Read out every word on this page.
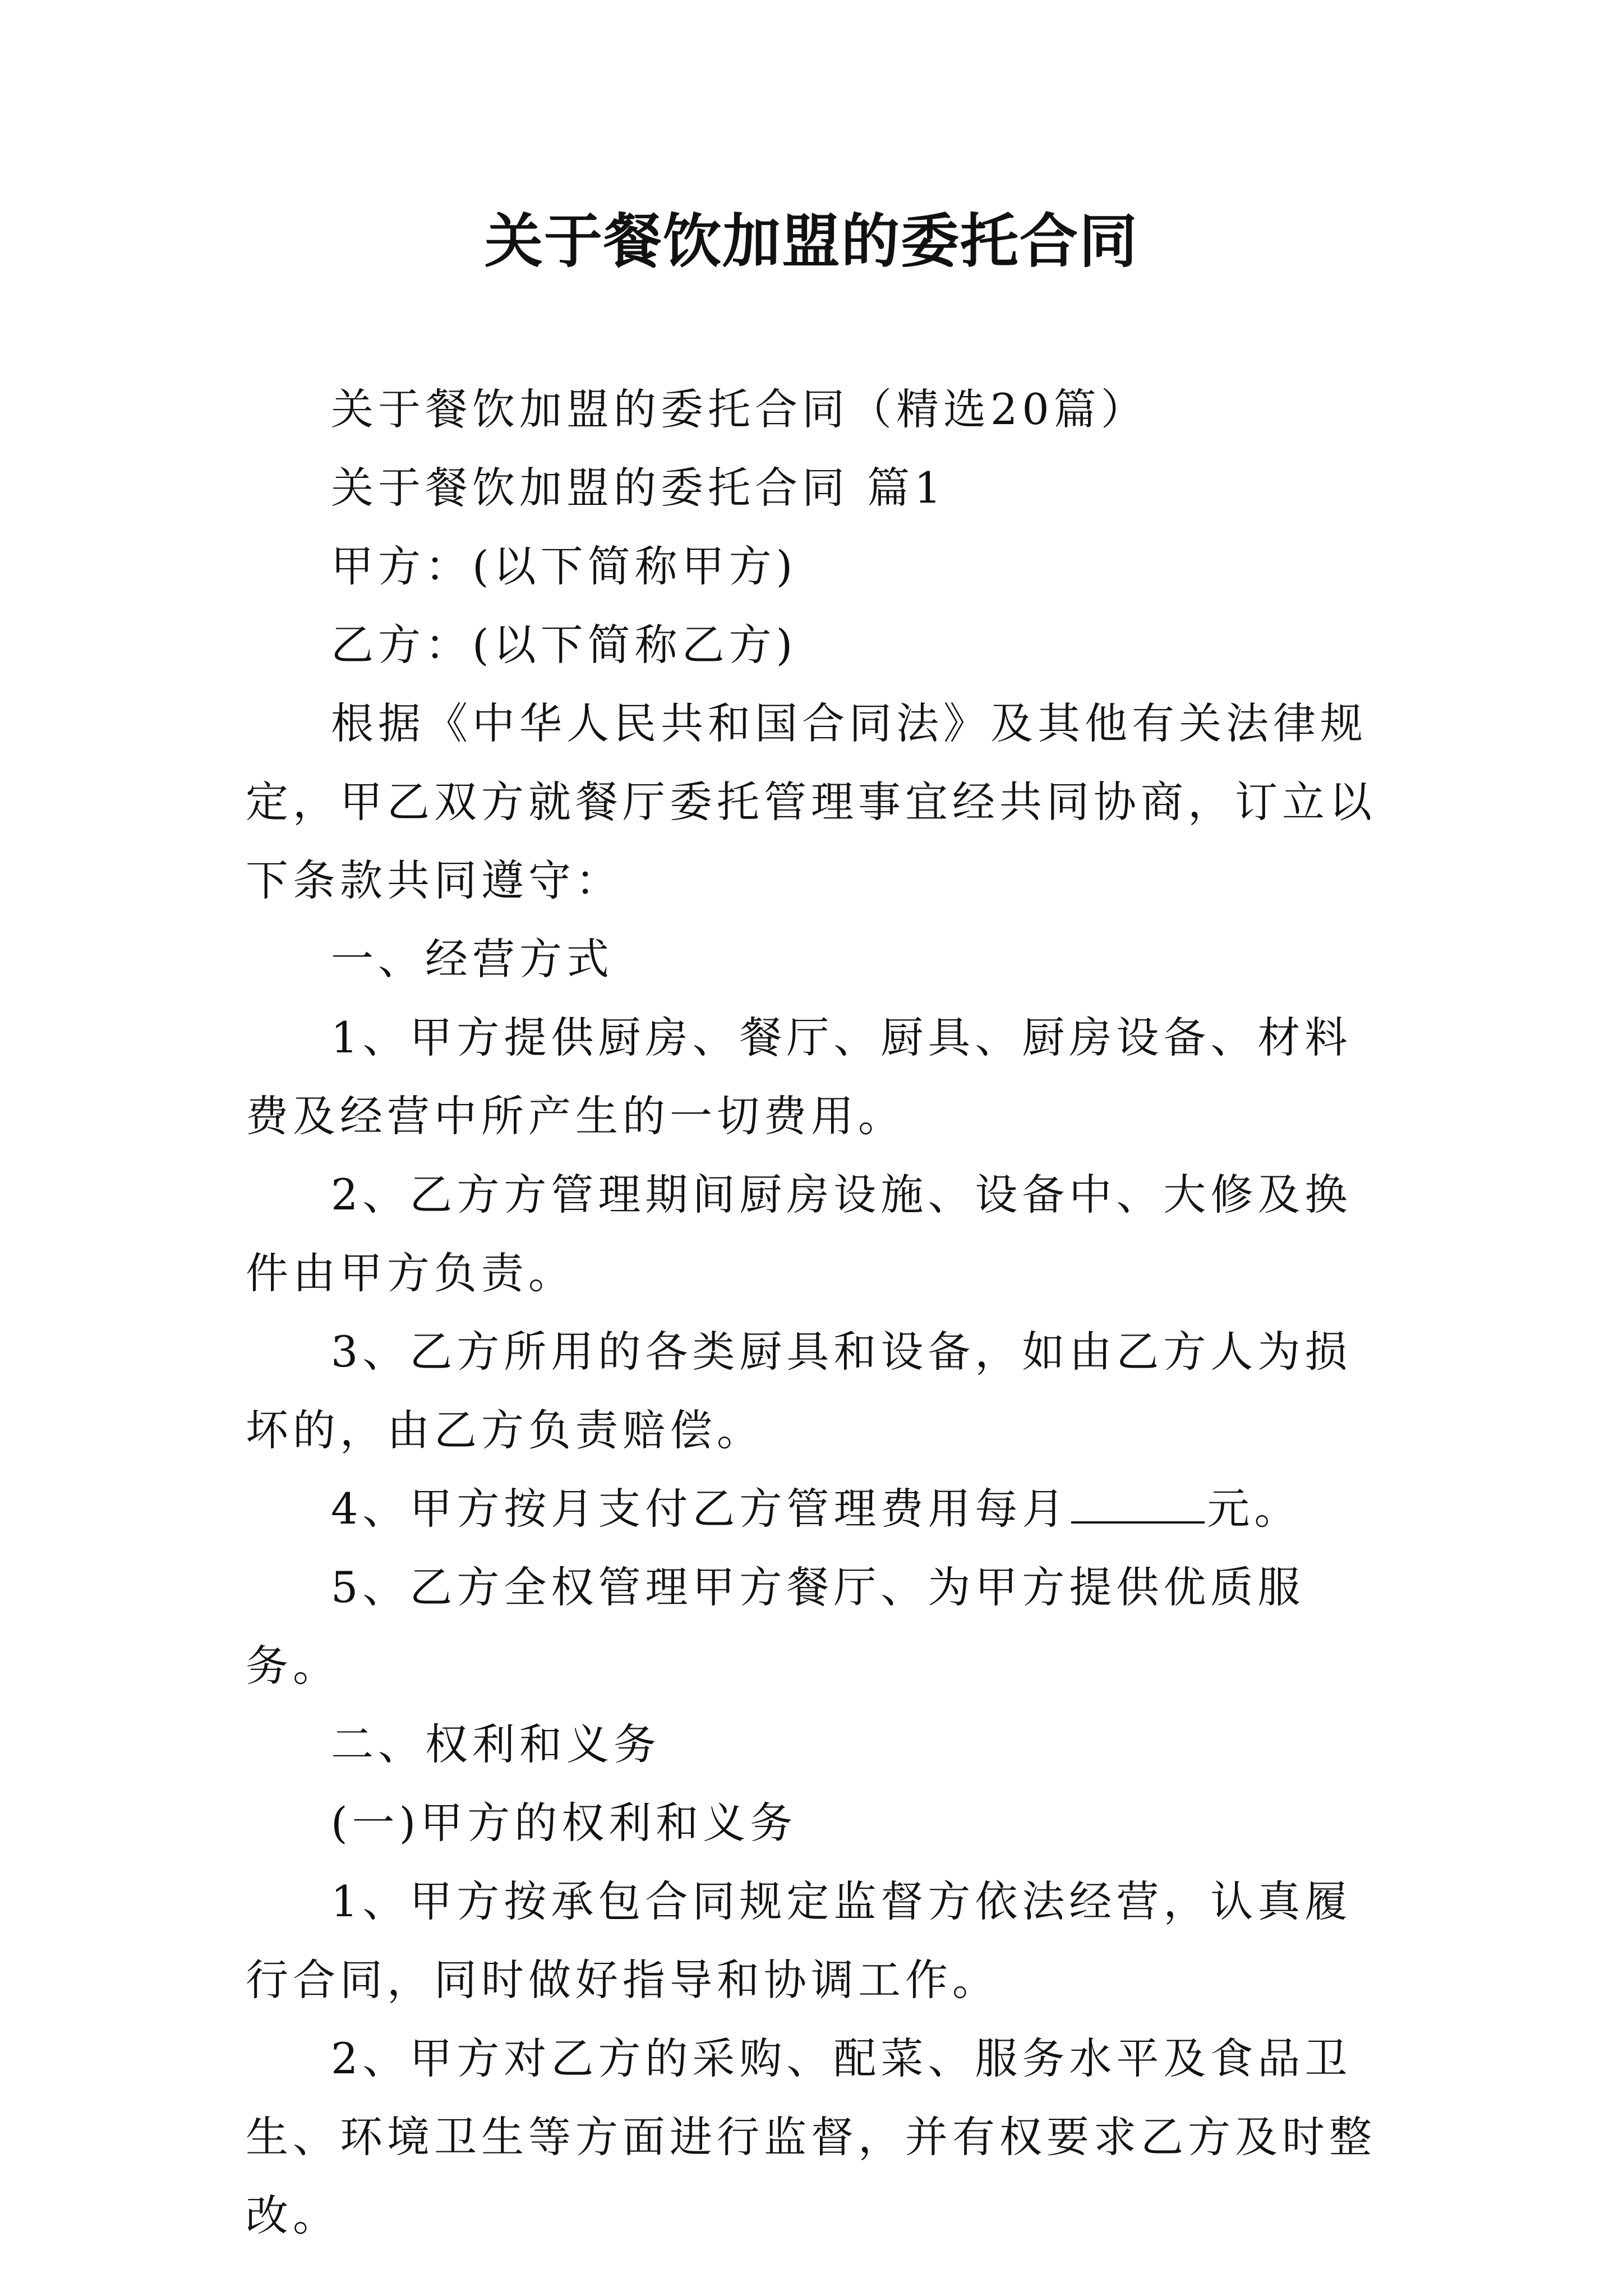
关于餐饮加盟的委托合同

关于餐饮加盟的委托合同（精选20篇）

关于餐饮加盟的委托合同 篇1

甲方：(以下简称甲方)

乙方：(以下简称乙方)

根据《中华人民共和国合同法》及其他有关法律规定，甲乙双方就餐厅委托管理事宜经共同协商，订立以下条款共同遵守：

一、经营方式

1、甲方提供厨房、餐厅、厨具、厨房设备、材料费及经营中所产生的一切费用。

2、乙方方管理期间厨房设施、设备中、大修及换件由甲方负责。

3、乙方所用的各类厨具和设备，如由乙方人为损坏的，由乙方负责赔偿。

4、甲方按月支付乙方管理费用每月	元。

5、乙方全权管理甲方餐厅、为甲方提供优质服务。

二、权利和义务

(一)甲方的权利和义务

1、甲方按承包合同规定监督方依法经营，认真履行合同，同时做好指导和协调工作。

2、甲方对乙方的采购、配菜、服务水平及食品卫生、环境卫生等方面进行监督，并有权要求乙方及时整改。
